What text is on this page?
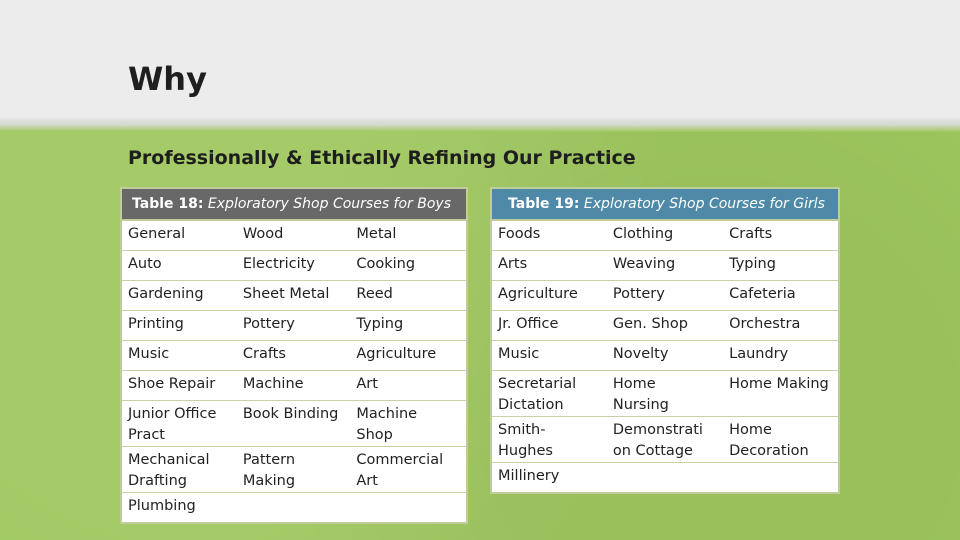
Why
Professionally & Ethically Refining Our Practice
Table 18: Exploratory Shop Courses for Boys
General	Wood	Metal
Auto	Electricity	Cooking
Gardening	Sheet Metal	Reed
Printing	Pottery	Typing
Music	Crafts	Agriculture
Shoe Repair	Machine	Art
Junior Office Pract	Book Binding	Machine Shop
Mechanical Drafting	Pattern Making	Commercial Art
Plumbing		
Table 19: Exploratory Shop Courses for Girls
Foods	Clothing	Crafts
Arts	Weaving	Typing
Agriculture	Pottery	Cafeteria
Jr. Office	Gen. Shop	Orchestra
Music	Novelty	Laundry
Secretarial Dictation	Home Nursing	Home Making
Smith-Hughes	Demonstrati on Cottage	Home Decoration
Millinery		
